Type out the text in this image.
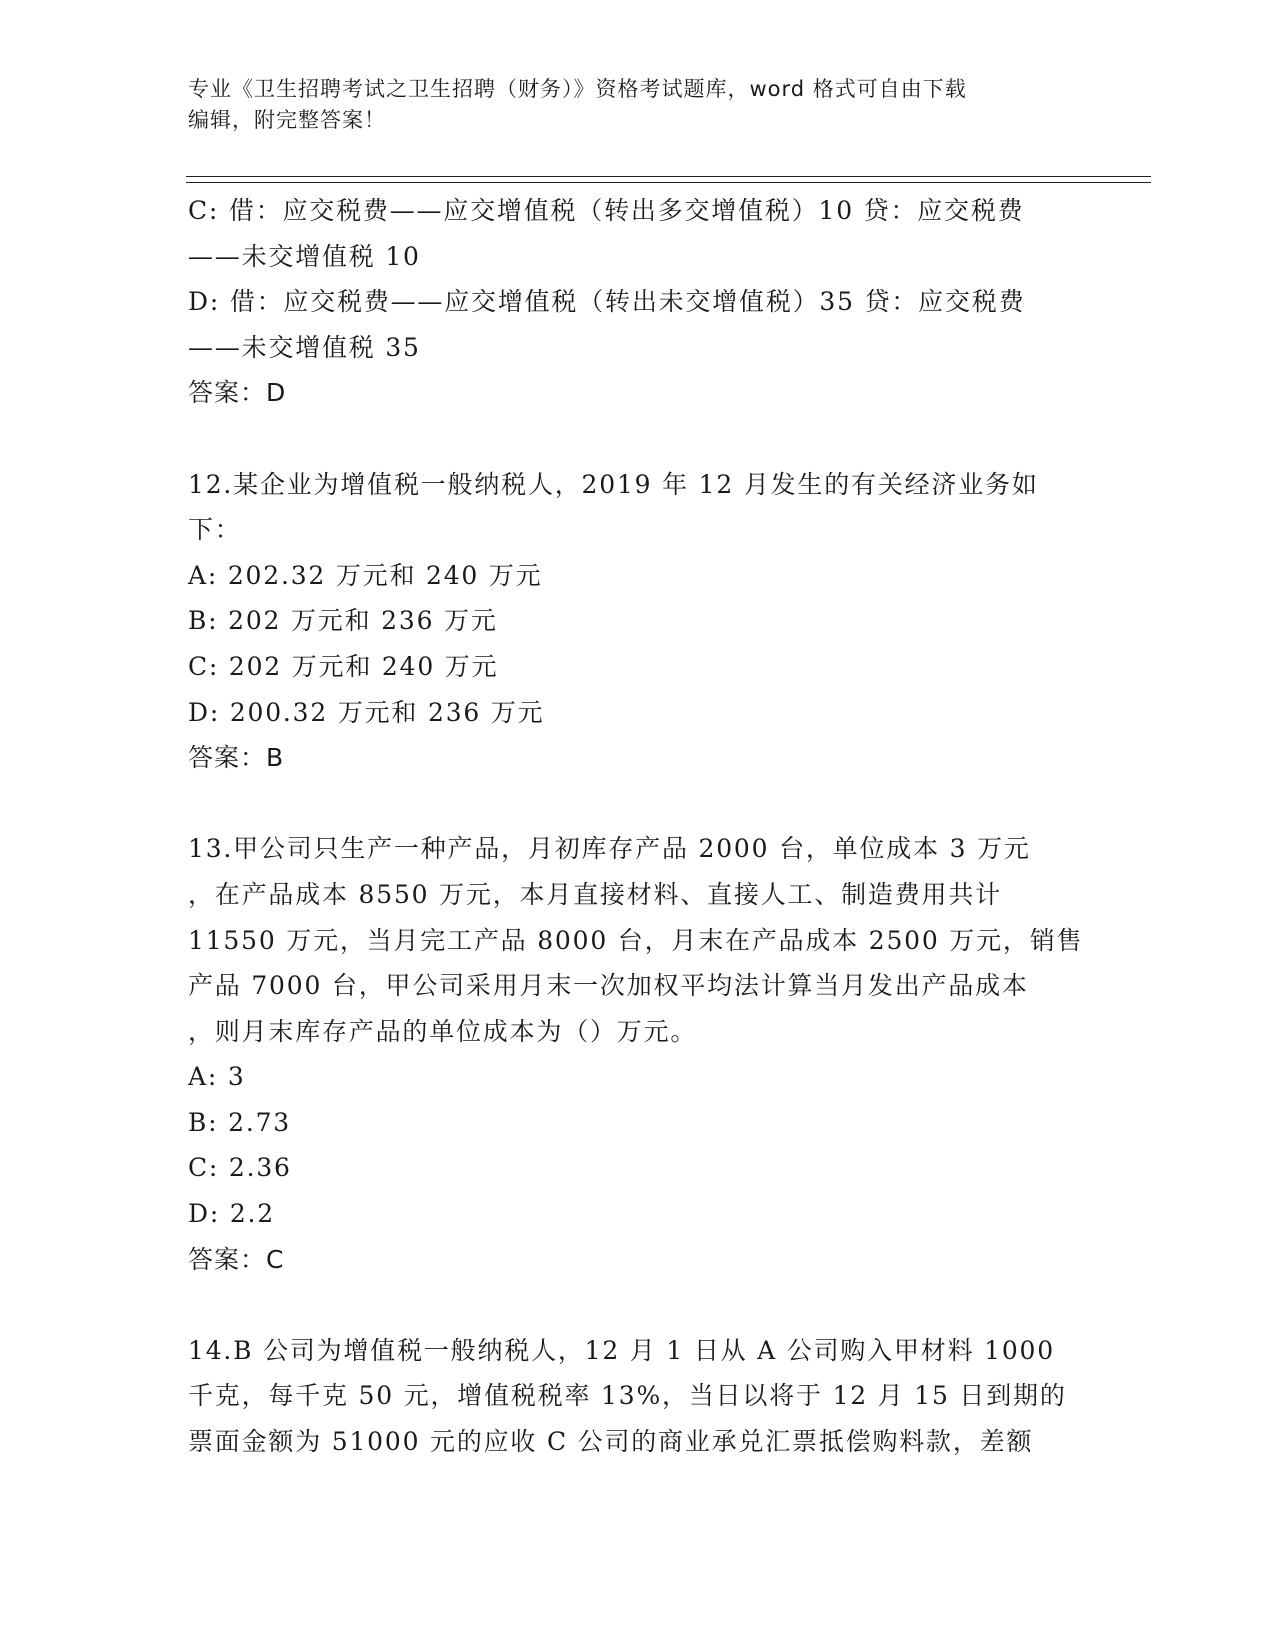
专业《卫生招聘考试之卫生招聘（财务）》资格考试题库，word 格式可自由下载

编辑，附完整答案！

C: 借：应交税费——应交增值税（转出多交增值税）10 贷：应交税费
——未交增值税 10
D: 借：应交税费——应交增值税（转出未交增值税）35 贷：应交税费
——未交增值税 35
答案：D
12.某企业为增值税一般纳税人，2019 年 12 月发生的有关经济业务如
下：
A: 202.32 万元和 240 万元
B: 202 万元和 236 万元
C: 202 万元和 240 万元
D: 200.32 万元和 236 万元
答案：B
13.甲公司只生产一种产品，月初库存产品 2000 台，单位成本 3 万元
，在产品成本 8550 万元，本月直接材料、直接人工、制造费用共计
11550 万元，当月完工产品 8000 台，月末在产品成本 2500 万元，销售
产品 7000 台，甲公司采用月末一次加权平均法计算当月发出产品成本
，则月末库存产品的单位成本为（）万元。
A: 3
B: 2.73
C: 2.36
D: 2.2
答案：C
14.B 公司为增值税一般纳税人，12 月 1 日从 A 公司购入甲材料 1000
千克，每千克 50 元，增值税税率 13%，当日以将于 12 月 15 日到期的
票面金额为 51000 元的应收 C 公司的商业承兑汇票抵偿购料款，差额
